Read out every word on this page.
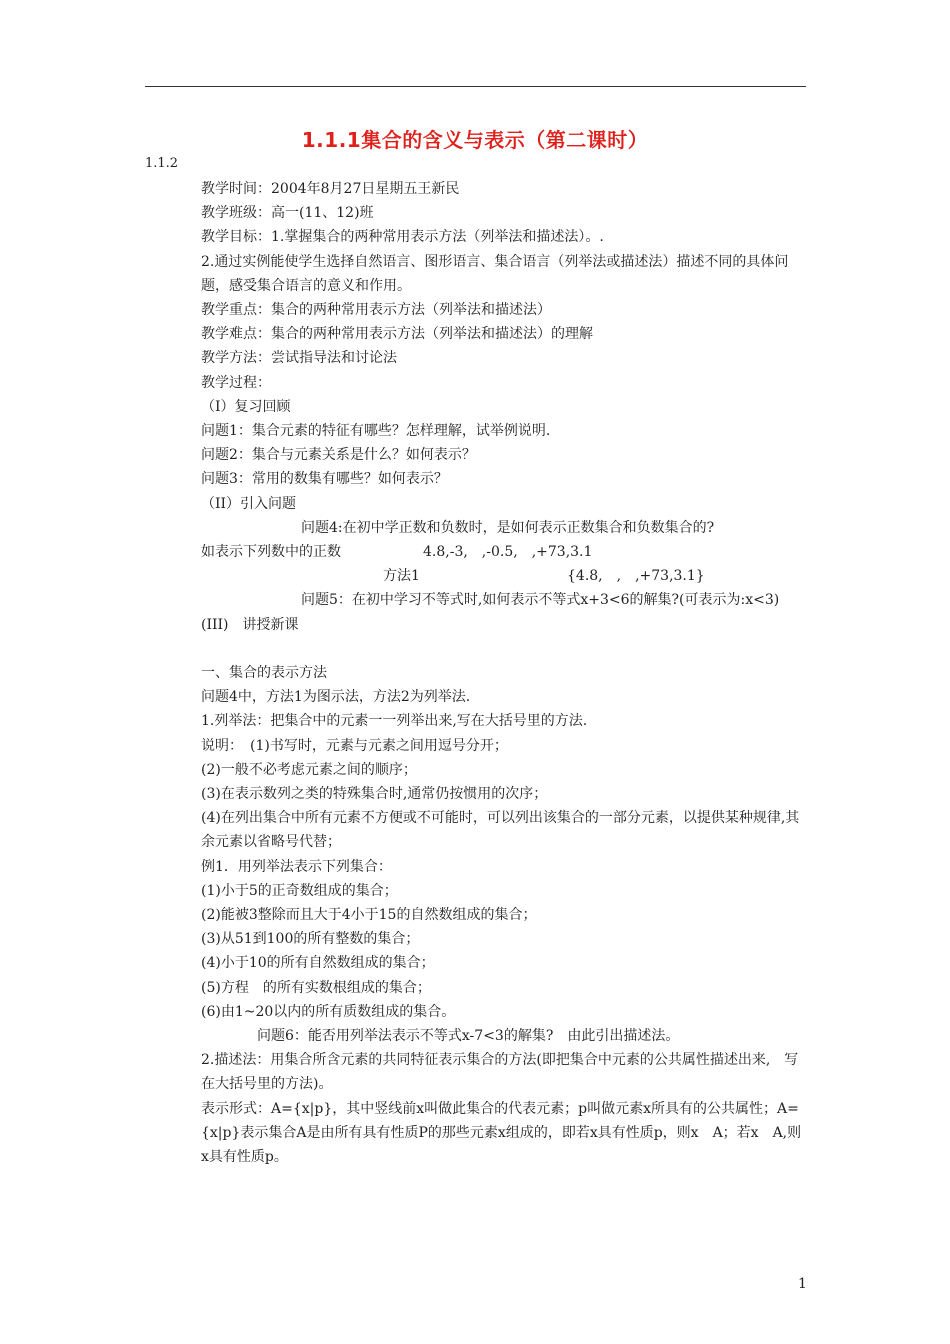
1.1.1集合的含义与表示（第二课时）
1.1.2

教学时间：2004年8月27日星期五王新民

教学班级：高一(11、12)班

教学目标：1.掌握集合的两种常用表示方法（列举法和描述法）。.

2.通过实例能使学生选择自然语言、图形语言、集合语言（列举法或描述法）描述不同的具体问题，感受集合语言的意义和作用。

教学重点：集合的两种常用表示方法（列举法和描述法）

教学难点：集合的两种常用表示方法（列举法和描述法）的理解

教学方法：尝试指导法和讨论法

教学过程：

（I）复习回顾

问题1：集合元素的特征有哪些？怎样理解，试举例说明.

问题2：集合与元素关系是什么？如何表示？

问题3：常用的数集有哪些？如何表示？

（II）引入问题

问题4:在初中学正数和负数时，是如何表示正数集合和负数集合的?

如表示下列数中的正数	4.8,-3,　,-0.5,　,+73,3.1
方法1	{4.8,　,　,+73,3.1}

问题5：在初中学习不等式时,如何表示不等式x+3<6的解集?(可表示为:x<3)

(III)　讲授新课

一、集合的表示方法

问题4中，方法1为图示法，方法2为列举法.

1.列举法：把集合中的元素一一列举出来,写在大括号里的方法.

说明：　(1)书写时，元素与元素之间用逗号分开；

(2)一般不必考虑元素之间的顺序；

(3)在表示数列之类的特殊集合时,通常仍按惯用的次序；

(4)在列出集合中所有元素不方便或不可能时，可以列出该集合的一部分元素，以提供某种规律,其余元素以省略号代替；

例1．用列举法表示下列集合：

(1)小于5的正奇数组成的集合；

(2)能被3整除而且大于4小于15的自然数组成的集合；

(3)从51到100的所有整数的集合；

(4)小于10的所有自然数组成的集合；

(5)方程　的所有实数根组成的集合；

(6)由1~20以内的所有质数组成的集合。

问题6：能否用列举法表示不等式x-7<3的解集?　由此引出描述法。

2.描述法：用集合所含元素的共同特征表示集合的方法(即把集合中元素的公共属性描述出来,　写在大括号里的方法)。

表示形式：A={x|p}，其中竖线前x叫做此集合的代表元素；p叫做元素x所具有的公共属性；A={x|p}表示集合A是由所有具有性质P的那些元素x组成的，即若x具有性质p，则x　A；若x　A,则x具有性质p。

1
